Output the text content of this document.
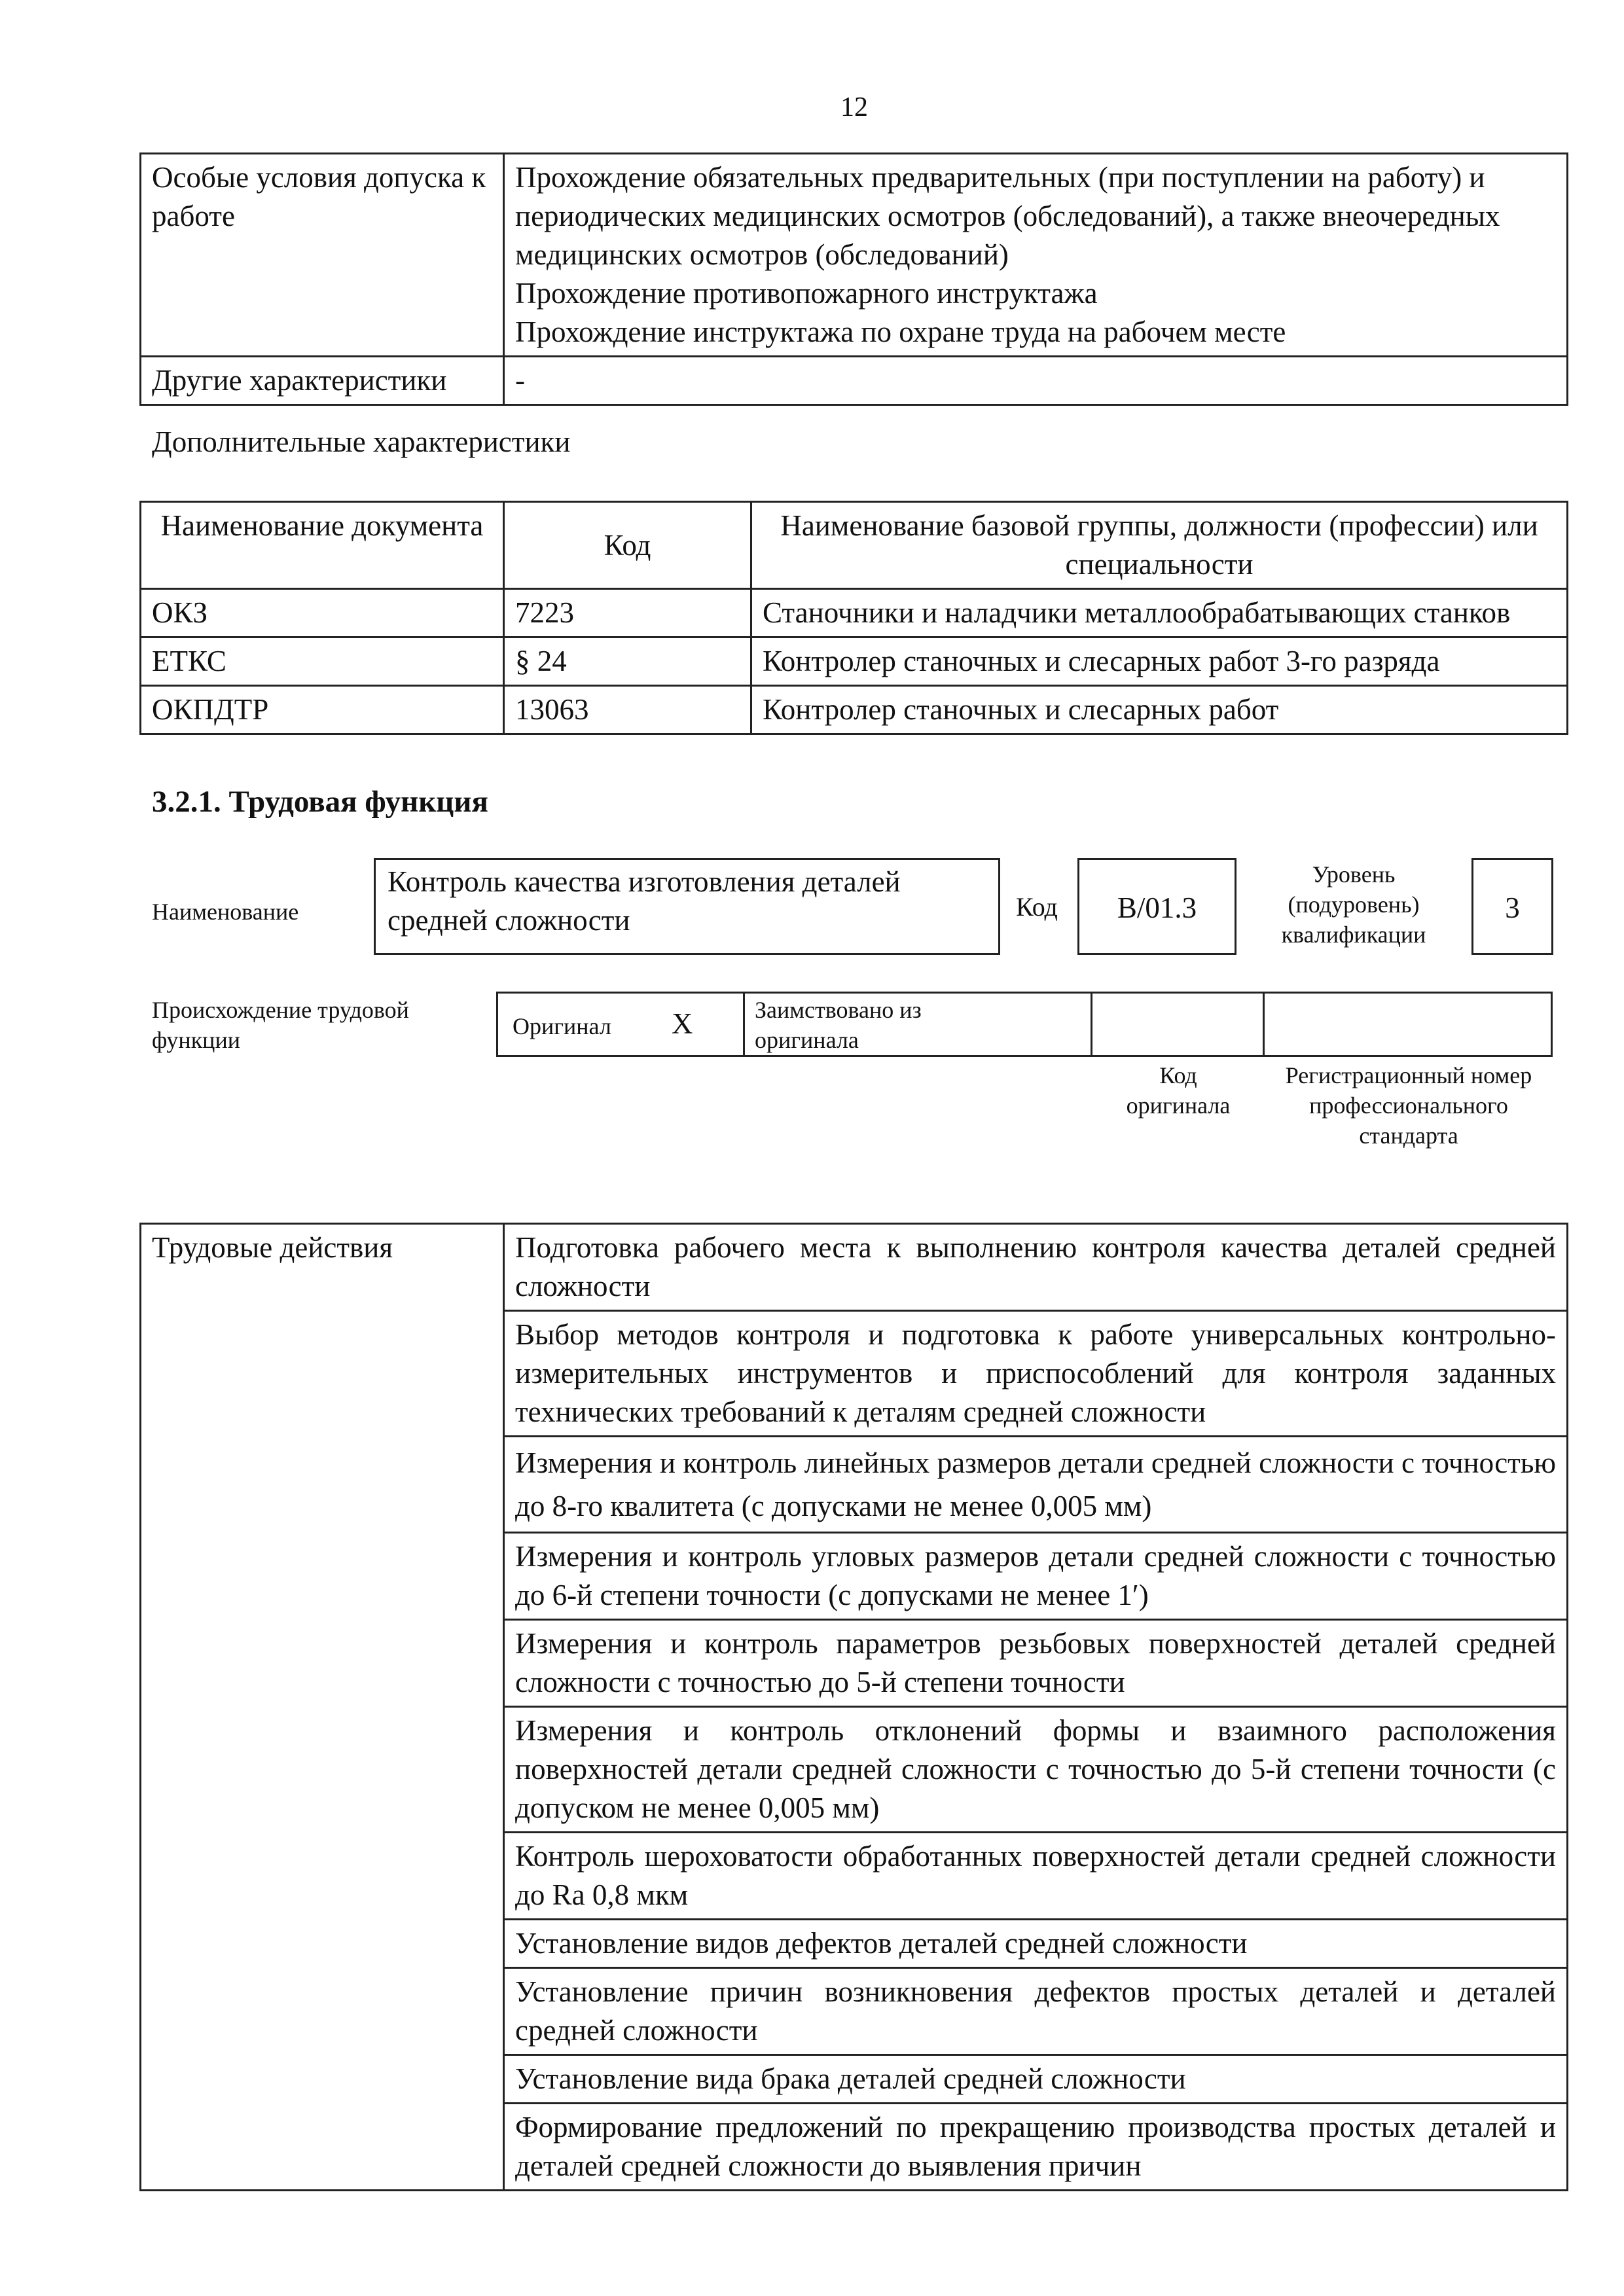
12
Особые условия допуска к работе	Прохождение обязательных предварительных (при поступлении на работу) и периодических медицинских осмотров (обследований), а также внеочередных медицинских осмотров (обследований)
Прохождение противопожарного инструктажа
Прохождение инструктажа по охране труда на рабочем месте

Другие характеристики	-
Дополнительные характеристики
Наименование документа	Код	Наименование базовой группы, должности (профессии) или специальности
ОКЗ	7223	Станочники и наладчики металлообрабатывающих станков
ЕТКС	§ 24	Контролер станочных и слесарных работ 3-го разряда
ОКПДТР	13063	Контролер станочных и слесарных работ
3.2.1. Трудовая функция
Наименование
Контроль качества изготовления деталей средней сложности	Код	В/01.3
Уровень (подуровень) квалификации
3
Происхождение трудовой функции
Оригинал X	Заимствовано из оригинала
Код оригинала
Регистрационный номер профессионального стандарта
Трудовые действия	Подготовка рабочего места к выполнению контроля качества деталей средней сложности
Выбор методов контроля и подготовка к работе универсальных контрольно-измерительных инструментов и приспособлений для контроля заданных технических требований к деталям средней сложности
Измерения и контроль линейных размеров детали средней сложности с точностью до 8-го квалитета (с допусками не менее 0,005 мм)
Измерения и контроль угловых размеров детали средней сложности с точностью до 6-й степени точности (с допусками не менее 1′)
Измерения и контроль параметров резьбовых поверхностей деталей средней сложности с точностью до 5-й степени точности
Измерения и контроль отклонений формы и взаимного расположения поверхностей детали средней сложности с точностью до 5-й степени точности (с допуском не менее 0,005 мм)
Контроль шероховатости обработанных поверхностей детали средней сложности до Ra 0,8 мкм
Установление видов дефектов деталей средней сложности
Установление причин возникновения дефектов простых деталей и деталей средней сложности
Установление вида брака деталей средней сложности
Формирование предложений по прекращению производства простых деталей и деталей средней сложности до выявления причин
